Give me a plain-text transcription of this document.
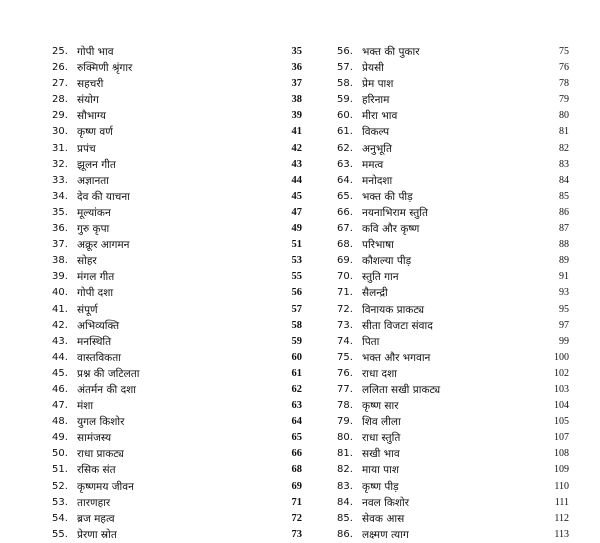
25. गोपी भाव	35
26. रुक्मिणी श्रृंगार	36
27. सहचरी	37
28. संयोग	38
29. सौभाग्य	39
30. कृष्ण वर्ण	41
31. प्रपंच	42
32. झूलन गीत	43
33. अज्ञानता	44
34. देव की याचना	45
35. मूल्यांकन	47
36. गुरु कृपा	49
37. अक्रूर आगमन	51
38. सोहर	53
39. मंगल गीत	55
40. गोपी दशा	56
41. संपूर्ण	57
42. अभिव्यक्ति	58
43. मनस्थिति	59
44. वास्तविकता	60
45. प्रश्न की जटिलता	61
46. अंतर्मन की दशा	62
47. मंशा	63
48. युगल किशोर	64
49. सामंजस्य	65
50. राधा प्राकट्य	66
51. रसिक संत	68
52. कृष्णमय जीवन	69
53. तारणहार	71
54. ब्रज महत्व	72
55. प्रेरणा स्रोत	73
56. भक्त की पुकार	75
57. प्रेयसी	76
58. प्रेम पाश	78
59. हरिनाम	79
60. मीरा भाव	80
61. विकल्प	81
62. अनुभूति	82
63. ममत्व	83
64. मनोदशा	84
65. भक्त की पीड़	85
66. नयनाभिराम स्तुति	86
67. कवि और कृष्ण	87
68. परिभाषा	88
69. कौशल्या पीड़	89
70. स्तुति गान	91
71. सैलन्द्री	93
72. विनायक प्राकट्य	95
73. सीता विजटा संवाद	97
74. पिता	99
75. भक्त और भगवान	100
76. राधा दशा	102
77. ललिता सखी प्राकट्य	103
78. कृष्ण सार	104
79. शिव लीला	105
80. राधा स्तुति	107
81. सखी भाव	108
82. माया पाश	109
83. कृष्ण पीड़	110
84. नवल किशोर	111
85. सेवक आस	112
86. लक्ष्मण त्याग	113
